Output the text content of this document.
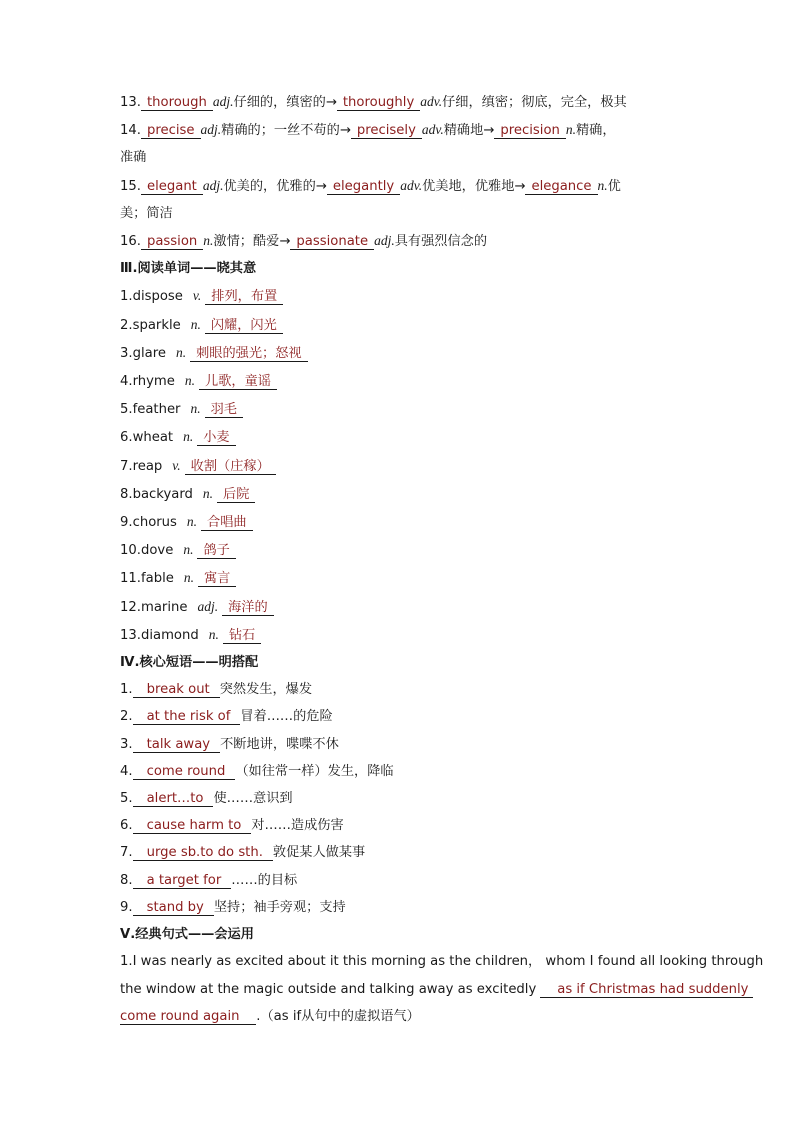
13. thorough adj.仔细的，缜密的→ thoroughly adv.仔细，缜密；彻底，完全，极其
14. precise adj.精确的；一丝不苟的→ precisely adv.精确地→ precision n.精确，
准确
15. elegant adj.优美的，优雅的→ elegantly adv.优美地，优雅地→ elegance n.优
美；简洁
16. passion n.激情；酷爱→ passionate adj.具有强烈信念的
Ⅲ.阅读单词——晓其意
1.dispose v. 排列，布置
2.sparkle n. 闪耀，闪光
3.glare n. 刺眼的强光；怒视
4.rhyme n. 儿歌，童谣
5.feather n. 羽毛
6.wheat n. 小麦
7.reap v. 收割（庄稼）
8.backyard n. 后院
9.chorus n. 合唱曲
10.dove n. 鸽子
11.fable n. 寓言
12.marine adj. 海洋的
13.diamond n. 钻石
Ⅳ.核心短语——明搭配
1. break out 突然发生，爆发
2. at the risk of 冒着……的危险
3. talk away 不断地讲，喋喋不休
4. come round （如往常一样）发生，降临
5. alert…to 使……意识到
6. cause harm to 对……造成伤害
7. urge sb.to do sth. 敦促某人做某事
8. a target for ……的目标
9. stand by 坚持；袖手旁观；支持
Ⅴ.经典句式——会运用
1.I was nearly as excited about it this morning as the children， whom I found all looking through
the window at the magic outside and talking away as excitedly     as if Christmas had suddenly
come round again .（as if从句中的虚拟语气）
